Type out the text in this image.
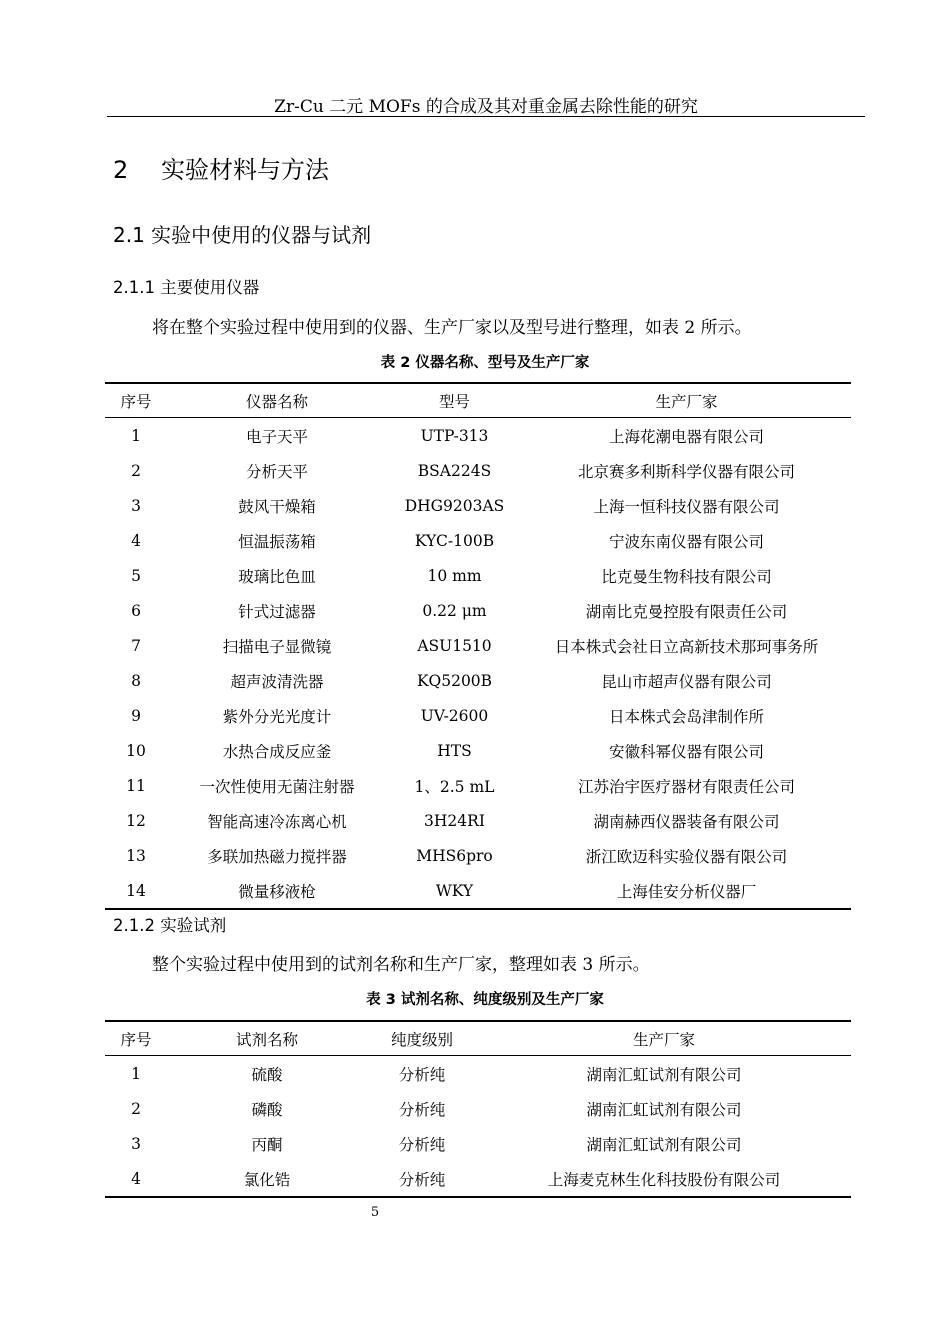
Zr-Cu 二元 MOFs 的合成及其对重金属去除性能的研究
2 实验材料与方法
2.1 实验中使用的仪器与试剂
2.1.1 主要使用仪器
将在整个实验过程中使用到的仪器、生产厂家以及型号进行整理，如表 2 所示。
表 2 仪器名称、型号及生产厂家
序号	仪器名称	型号	生产厂家
1	电子天平	UTP-313	上海花潮电器有限公司
2	分析天平	BSA224S	北京赛多利斯科学仪器有限公司
3	鼓风干燥箱	DHG9203AS	上海一恒科技仪器有限公司
4	恒温振荡箱	KYC-100B	宁波东南仪器有限公司
5	玻璃比色皿	10 mm	比克曼生物科技有限公司
6	针式过滤器	0.22 μm	湖南比克曼控股有限责任公司
7	扫描电子显微镜	ASU1510	日本株式会社日立高新技术那珂事务所
8	超声波清洗器	KQ5200B	昆山市超声仪器有限公司
9	紫外分光光度计	UV-2600	日本株式会岛津制作所
10	水热合成反应釜	HTS	安徽科幂仪器有限公司
11	一次性使用无菌注射器	1、2.5 mL	江苏治宇医疗器材有限责任公司
12	智能高速冷冻离心机	3H24RI	湖南赫西仪器装备有限公司
13	多联加热磁力搅拌器	MHS6pro	浙江欧迈科实验仪器有限公司
14	微量移液枪	WKY	上海佳安分析仪器厂
2.1.2 实验试剂
整个实验过程中使用到的试剂名称和生产厂家，整理如表 3 所示。
表 3 试剂名称、纯度级别及生产厂家
序号	试剂名称	纯度级别	生产厂家
1	硫酸	分析纯	湖南汇虹试剂有限公司
2	磷酸	分析纯	湖南汇虹试剂有限公司
3	丙酮	分析纯	湖南汇虹试剂有限公司
4	氯化锆	分析纯	上海麦克林生化科技股份有限公司
5
